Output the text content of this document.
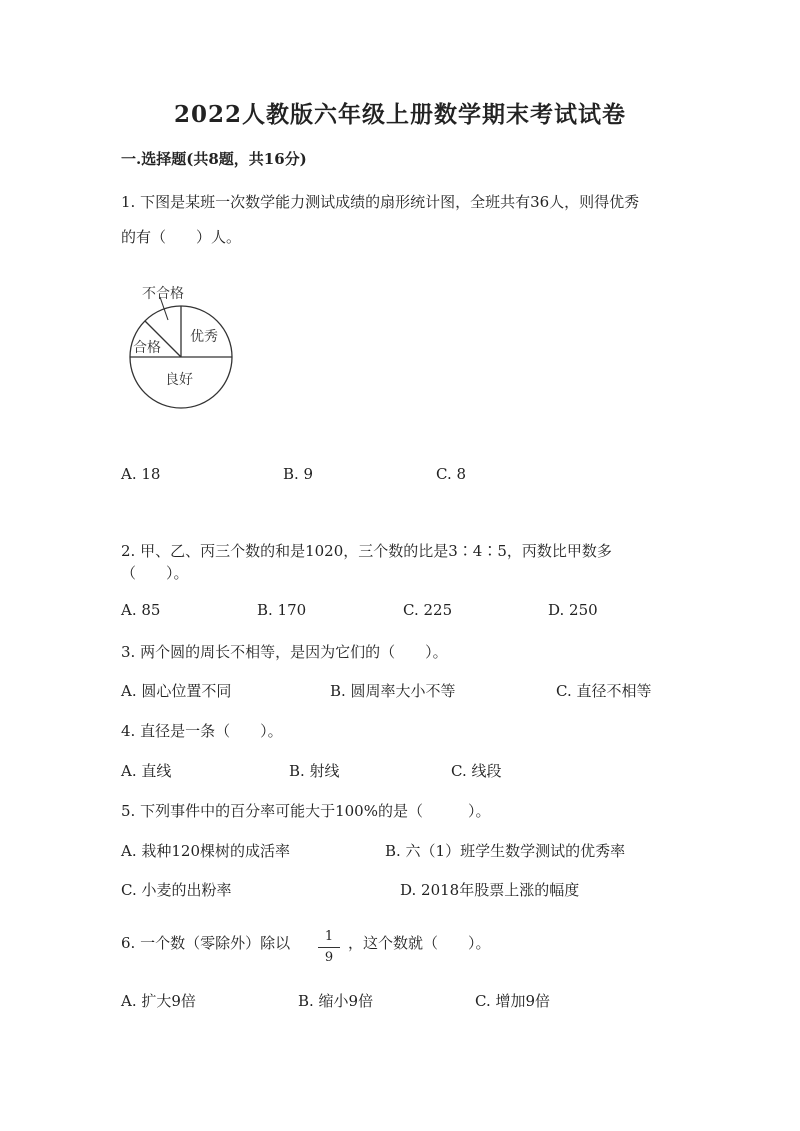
2022人教版六年级上册数学期末考试试卷
一.选择题(共8题，共16分)
1. 下图是某班一次数学能力测试成绩的扇形统计图，全班共有36人，则得优秀
的有（　　）人。
不合格
合格
优秀
良好
A. 18	B. 9	C. 8
2. 甲、乙、丙三个数的和是1020，三个数的比是3∶4∶5，丙数比甲数多
（　　）。
A. 85	B. 170	C. 225	D. 250
3. 两个圆的周长不相等，是因为它们的（　　）。
A. 圆心位置不同	B. 圆周率大小不等	C. 直径不相等
4. 直径是一条（　　）。
A. 直线	B. 射线	C. 线段
5. 下列事件中的百分率可能大于100%的是（　　　）。
A. 栽种120棵树的成活率	B. 六（1）班学生数学测试的优秀率
C. 小麦的出粉率	D. 2018年股票上涨的幅度
6. 一个数（零除外）除以	1
9
，这个数就（　　）。
A. 扩大9倍	B. 缩小9倍	C. 增加9倍
